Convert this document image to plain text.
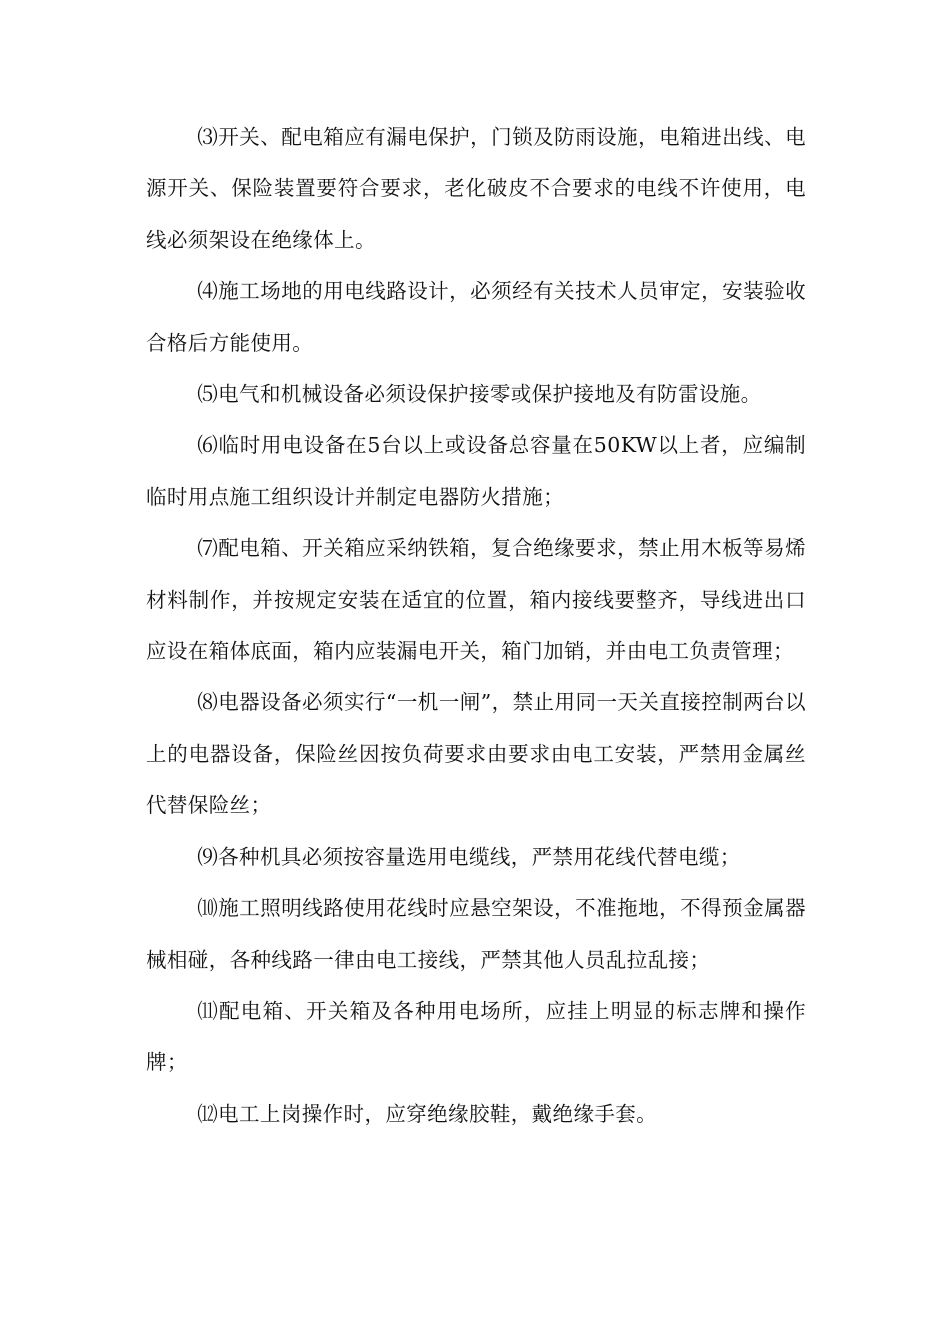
⑶开关、配电箱应有漏电保护，门锁及防雨设施，电箱进出线、电源开关、保险装置要符合要求，老化破皮不合要求的电线不许使用，电线必须架设在绝缘体上。

⑷施工场地的用电线路设计，必须经有关技术人员审定，安装验收合格后方能使用。

⑸电气和机械设备必须设保护接零或保护接地及有防雷设施。

⑹临时用电设备在5台以上或设备总容量在50KW以上者，应编制临时用点施工组织设计并制定电器防火措施；

⑺配电箱、开关箱应采纳铁箱，复合绝缘要求，禁止用木板等易烯材料制作，并按规定安装在适宜的位置，箱内接线要整齐，导线进出口应设在箱体底面，箱内应装漏电开关，箱门加销，并由电工负责管理；

⑻电器设备必须实行“一机一闸”，禁止用同一天关直接控制两台以上的电器设备，保险丝因按负荷要求由要求由电工安装，严禁用金属丝代替保险丝；

⑼各种机具必须按容量选用电缆线，严禁用花线代替电缆；

⑽施工照明线路使用花线时应悬空架设，不准拖地，不得预金属器械相碰，各种线路一律由电工接线，严禁其他人员乱拉乱接；

⑾配电箱、开关箱及各种用电场所，应挂上明显的标志牌和操作牌；

⑿电工上岗操作时，应穿绝缘胶鞋，戴绝缘手套。
